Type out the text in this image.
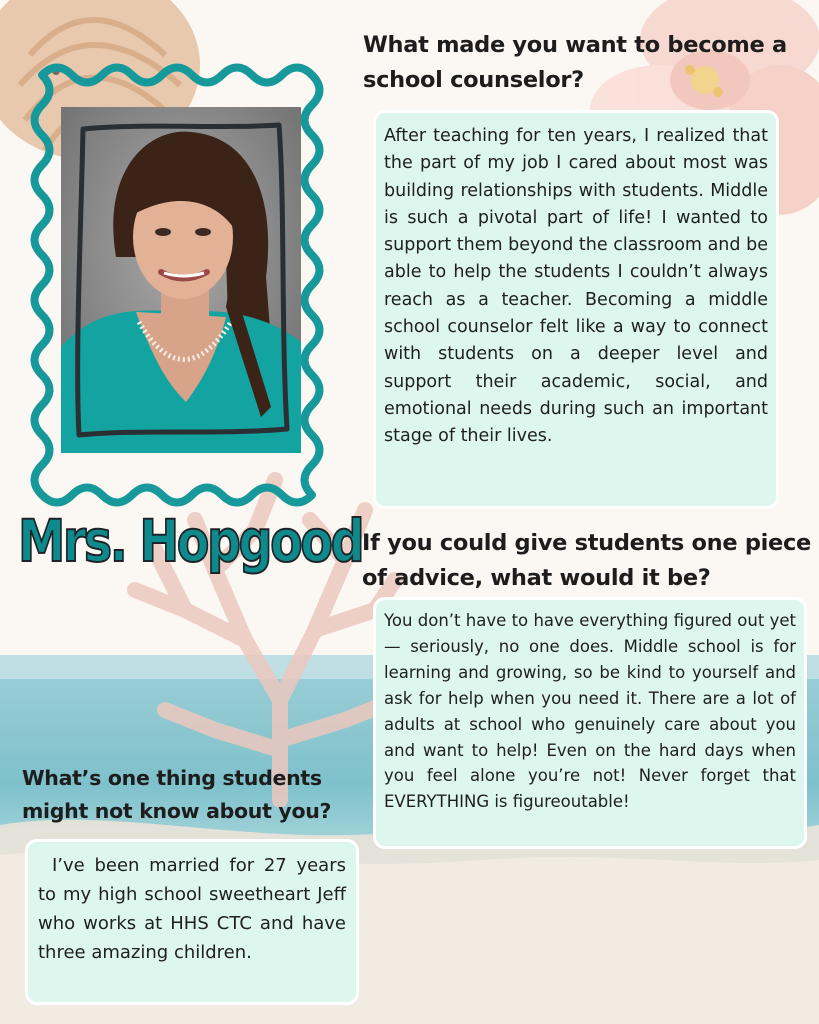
Mrs. Hopgood
What made you want to become a school counselor?
After teaching for ten years, I realized that the part of my job I cared about most was building relationships with students. Middle is such a pivotal part of life! I wanted to support them beyond the classroom and be able to help the students I couldn’t always reach as a teacher. Becoming a middle school counselor felt like a way to connect with students on a deeper level and support their academic, social, and emotional needs during such an important stage of their lives.
If you could give students one piece of advice, what would it be?
You don’t have to have everything figured out yet — seriously, no one does. Middle school is for learning and growing, so be kind to yourself and ask for help when you need it. There are a lot of adults at school who genuinely care about you and want to help! Even on the hard days when you feel alone you’re not! Never forget that EVERYTHING is figureoutable!
What’s one thing students might not know about you?
I’ve been married for 27 years to my high school sweetheart Jeff who works at HHS CTC and have three amazing children.
